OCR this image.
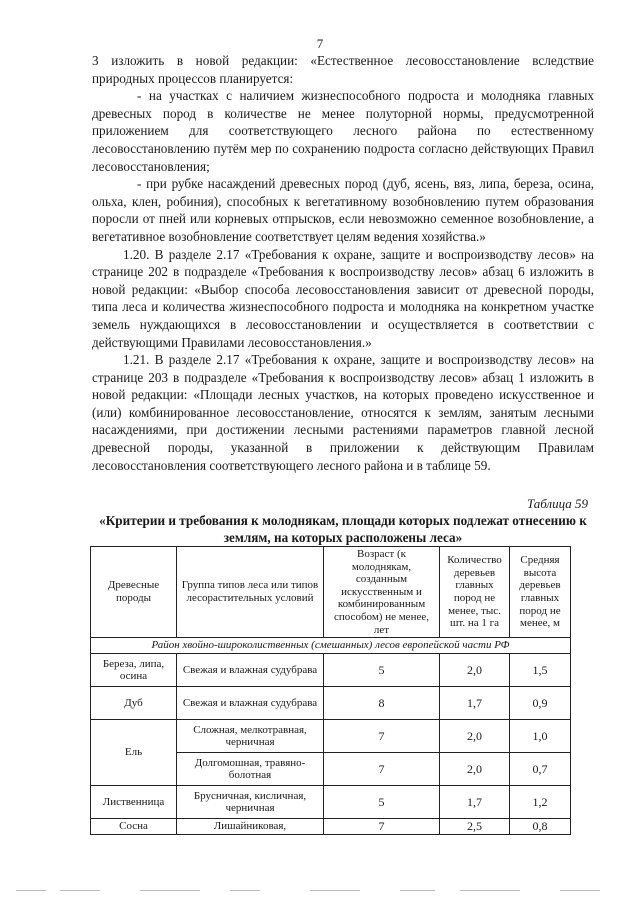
7

3 изложить в новой редакции: «Естественное лесовосстановление вследствие природных процессов планируется:

- на участках с наличием жизнеспособного подроста и молодняка главных древесных пород в количестве не менее полуторной нормы, предусмотренной приложением для соответствующего лесного района по естественному лесовосстановлению путём мер по сохранению подроста согласно действующих Правил лесовосстановления;

- при рубке насаждений древесных пород (дуб, ясень, вяз, липа, береза, осина, ольха, клен, робиния), способных к вегетативному возобновлению путем образования поросли от пней или корневых отпрысков, если невозможно семенное возобновление, а вегетативное возобновление соответствует целям ведения хозяйства.»

1.20. В разделе 2.17 «Требования к охране, защите и воспроизводству лесов» на странице 202 в подразделе «Требования к воспроизводству лесов» абзац 6 изложить в новой редакции: «Выбор способа лесовосстановления зависит от древесной породы, типа леса и количества жизнеспособного подроста и молодняка на конкретном участке земель нуждающихся в лесовосстановлении и осуществляется в соответствии с действующими Правилами лесовосстановления.»

1.21. В разделе 2.17 «Требования к охране, защите и воспроизводству лесов» на странице 203 в подразделе «Требования к воспроизводству лесов» абзац 1 изложить в новой редакции: «Площади лесных участков, на которых проведено искусственное и (или) комбинированное лесовосстановление, относятся к землям, занятым лесными насаждениями, при достижении лесными растениями параметров главной лесной древесной породы, указанной в приложении к действующим Правилам лесовосстановления соответствующего лесного района и в таблице 59.

Таблица 59
«Критерии и требования к молоднякам, площади которых подлежат отнесению к землям, на которых расположены леса»
Древесные породы	Группа типов леса или типов лесорастительных условий	Возраст (к молоднякам, созданным искусственным и комбинированным способом) не менее, лет	Количество деревьев главных пород не менее, тыс. шт. на 1 га	Средняя высота деревьев главных пород не менее, м
Район хвойно-широколиственных (смешанных) лесов европейской части РФ				
Береза, липа, осина	Свежая и влажная судубрава	5	2,0	1,5
Дуб	Свежая и влажная судубрава	8	1,7	0,9
Ель	Сложная, мелкотравная, черничная	7	2,0	1,0
	Долгомошная, травяно-болотная	7	2,0	0,7
Лиственница	Брусничная, кисличная, черничная	5	1,7	1,2
Сосна	Лишайниковая,	7	2,5	0,8
